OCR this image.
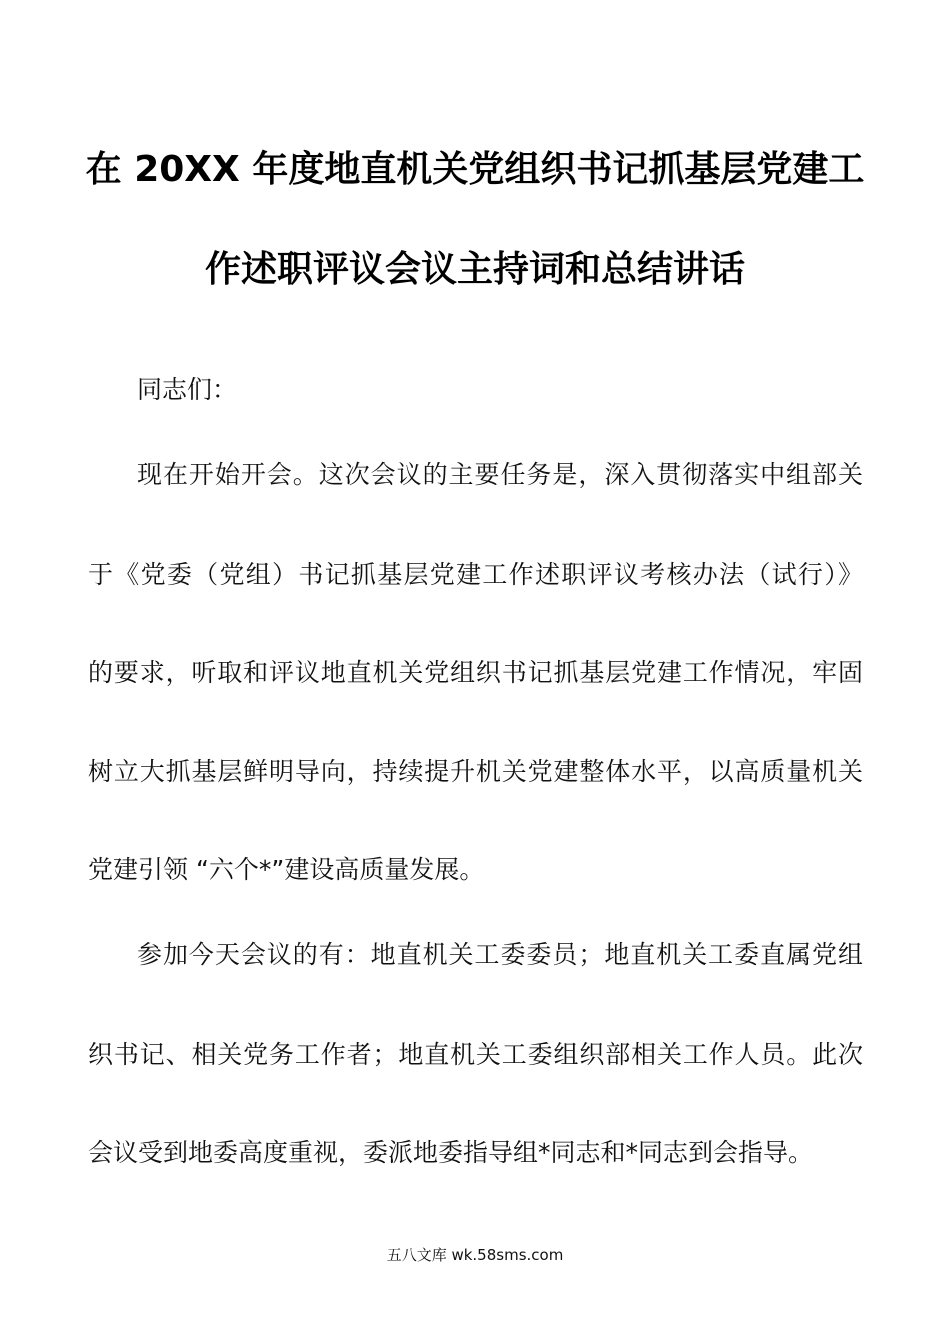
在 20XX 年度地直机关党组织书记抓基层党建工
作述职评议会议主持词和总结讲话
同志们：
现在开始开会。这次会议的主要任务是，深入贯彻落实中组部关
于《党委（党组）书记抓基层党建工作述职评议考核办法（试行）》
的要求，听取和评议地直机关党组织书记抓基层党建工作情况，牢固
树立大抓基层鲜明导向，持续提升机关党建整体水平，以高质量机关
党建引领 “六个*”建设高质量发展。
参加今天会议的有：地直机关工委委员；地直机关工委直属党组
织书记、相关党务工作者；地直机关工委组织部相关工作人员。此次
会议受到地委高度重视，委派地委指导组*同志和*同志到会指导。
五八文库 wk.58sms.com
